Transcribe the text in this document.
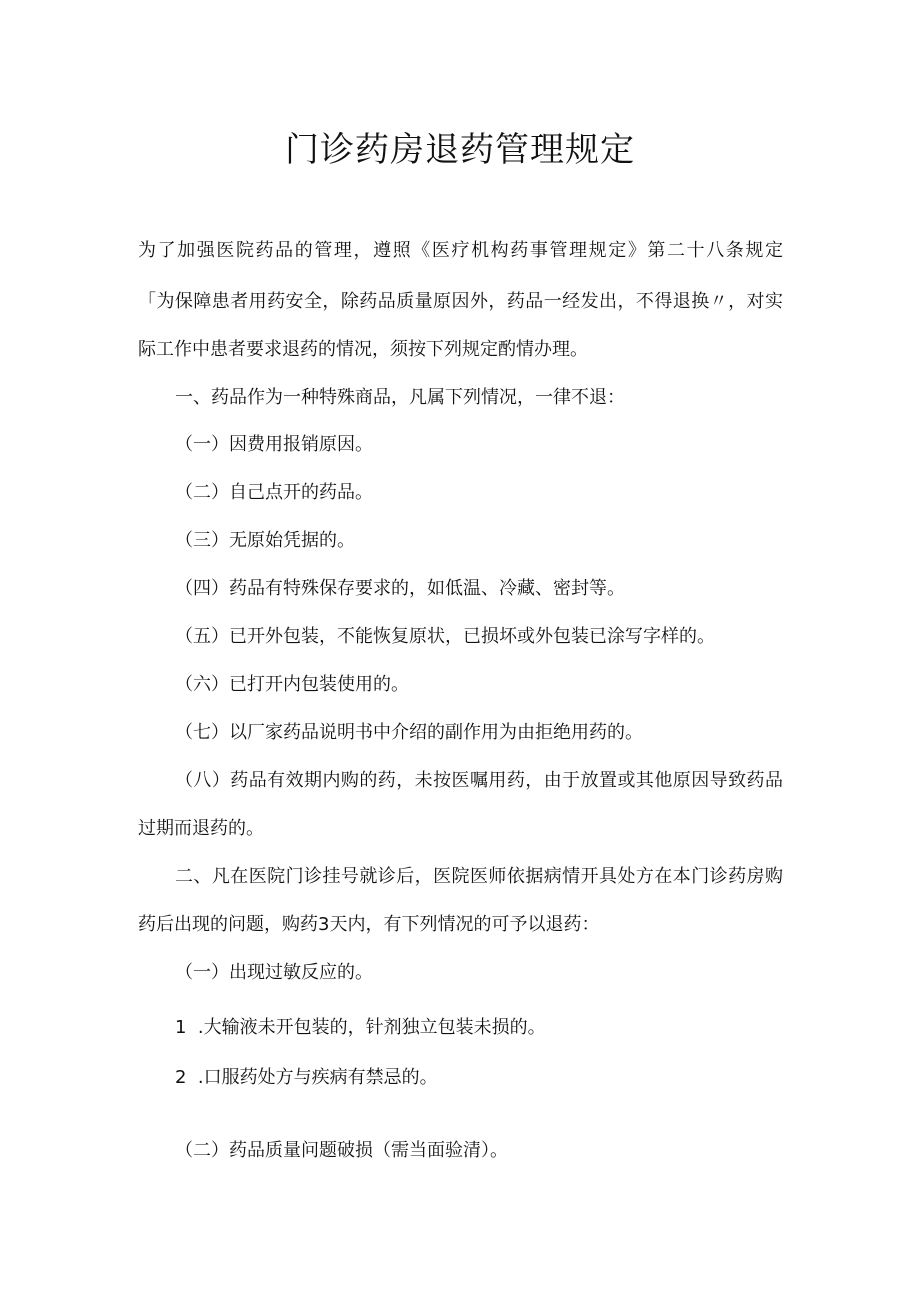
门诊药房退药管理规定

为了加强医院药品的管理，遵照《医疗机构药事管理规定》第二十八条规定

「为保障患者用药安全，除药品质量原因外，药品一经发出，不得退换〃，对实

际工作中患者要求退药的情况，须按下列规定酌情办理。

一、药品作为一种特殊商品，凡属下列情况，一律不退：

（一）因费用报销原因。

（二）自己点开的药品。

（三）无原始凭据的。

（四）药品有特殊保存要求的，如低温、冷藏、密封等。

（五）已开外包装，不能恢复原状，已损坏或外包装已涂写字样的。

（六）已打开内包装使用的。

（七）以厂家药品说明书中介绍的副作用为由拒绝用药的。

（八）药品有效期内购的药，未按医嘱用药，由于放置或其他原因导致药品

过期而退药的。

二、凡在医院门诊挂号就诊后，医院医师依据病情开具处方在本门诊药房购

药后出现的问题，购药3天内，有下列情况的可予以退药：

（一）出现过敏反应的。

1  .大输液未开包装的，针剂独立包装未损的。

2  .口服药处方与疾病有禁忌的。

（二）药品质量问题破损（需当面验清）。
